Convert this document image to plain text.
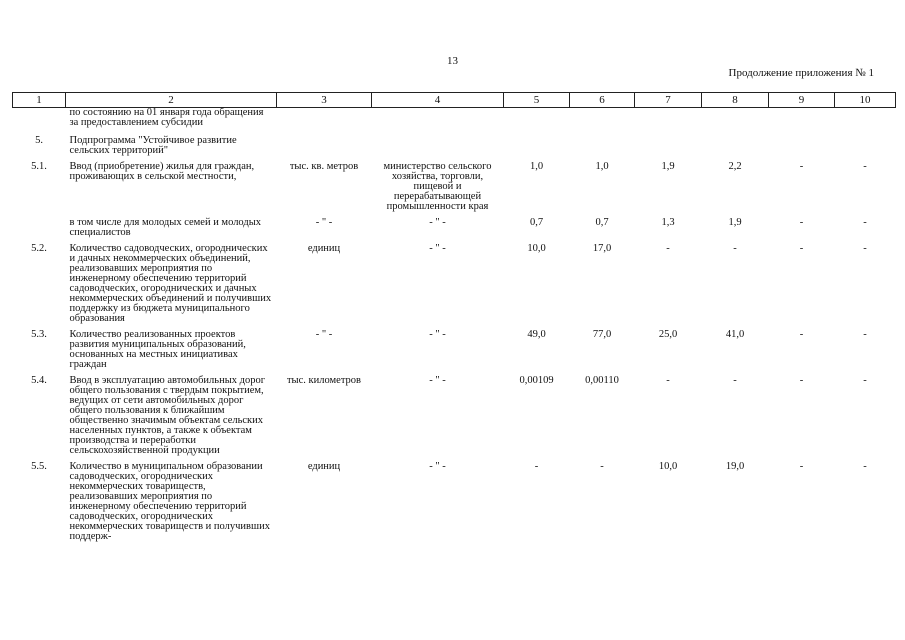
13
Продолжение приложения № 1
1	2	3	4	5	6	7	8	9	10
	по состоянию на 01 января года обращения за предоставлением субсидии								
5.	Подпрограмма "Устойчивое развитие сельских территорий"								
5.1.	Ввод (приобретение) жилья для граждан, проживающих в сельской местности,	тыс. кв. метров	министерство сельского хозяйства, торговли, пищевой и перерабатывающей промышленности края	1,0	1,0	1,9	2,2	-	-
	в том числе для молодых семей и молодых специалистов	- " -	- " -	0,7	0,7	1,3	1,9	-	-
5.2.	Количество садоводческих, огороднических и дачных некоммерческих объединений, реализовавших мероприятия по инженерному обеспечению территорий садоводческих, огороднических и дачных некоммерческих объединений и получивших поддержку из бюджета муниципального образования	единиц	- " -	10,0	17,0	-	-	-	-
5.3.	Количество реализованных проектов развития муниципальных образований, основанных на местных инициативах граждан	- " -	- " -	49,0	77,0	25,0	41,0	-	-
5.4.	Ввод в эксплуатацию автомобильных дорог общего пользования с твердым покрытием, ведущих от сети автомобильных дорог общего пользования к ближайшим общественно значимым объектам сельских населенных пунктов, а также к объектам производства и переработки сельскохозяйственной продукции	тыс. километров	- " -	0,00109	0,00110	-	-	-	-
5.5.	Количество в муниципальном образовании садоводческих, огороднических некоммерческих товариществ, реализовавших мероприятия по инженерному обеспечению территорий садоводческих, огороднических некоммерческих товариществ и получивших поддерж-	единиц	- " -	-	-	10,0	19,0	-	-
